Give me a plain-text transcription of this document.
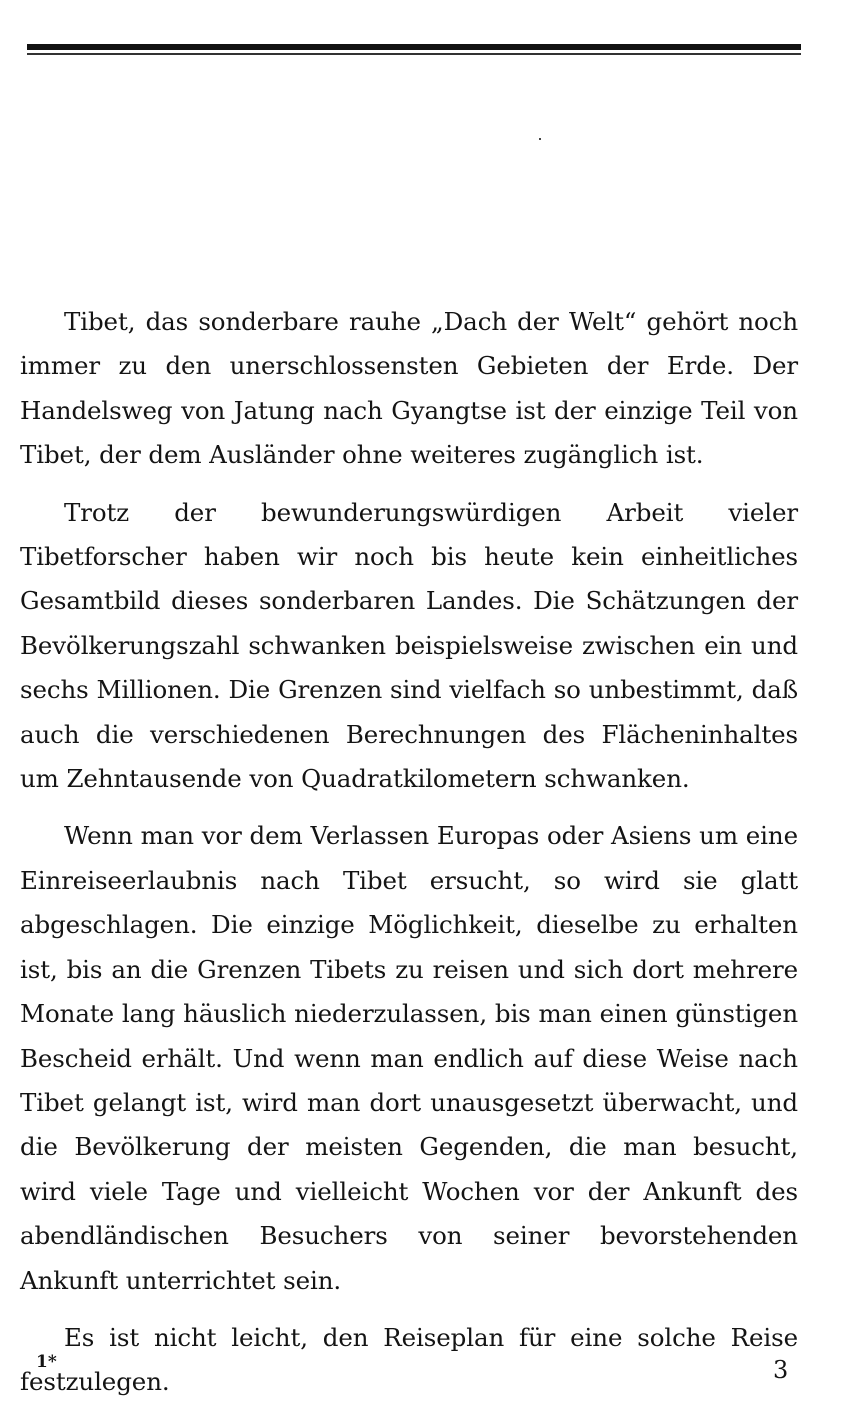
Tibet, das sonderbare rauhe „Dach der Welt“ gehört noch immer zu den unerschlossensten Gebieten der Erde. Der Handelsweg von Jatung nach Gyangtse ist der einzige Teil von Tibet, der dem Ausländer ohne weiteres zugänglich ist.

Trotz der bewunderungswürdigen Arbeit vieler Tibetforscher haben wir noch bis heute kein einheitliches Gesamtbild dieses sonderbaren Landes. Die Schätzungen der Bevölkerungszahl schwanken beispielsweise zwischen ein und sechs Millionen. Die Grenzen sind vielfach so unbestimmt, daß auch die verschiedenen Berechnungen des Flächeninhaltes um Zehntausende von Quadratkilometern schwanken.

Wenn man vor dem Verlassen Europas oder Asiens um eine Einreiseerlaubnis nach Tibet ersucht, so wird sie glatt abgeschlagen. Die einzige Möglichkeit, dieselbe zu erhalten ist, bis an die Grenzen Tibets zu reisen und sich dort mehrere Monate lang häuslich niederzulassen, bis man einen günstigen Bescheid erhält. Und wenn man endlich auf diese Weise nach Tibet gelangt ist, wird man dort unausgesetzt überwacht, und die Bevölkerung der meisten Gegenden, die man besucht, wird viele Tage und vielleicht Wochen vor der Ankunft des abendländischen Besuchers von seiner bevorstehenden Ankunft unterrichtet sein.

Es ist nicht leicht, den Reiseplan für eine solche Reise festzulegen.

1*	3
